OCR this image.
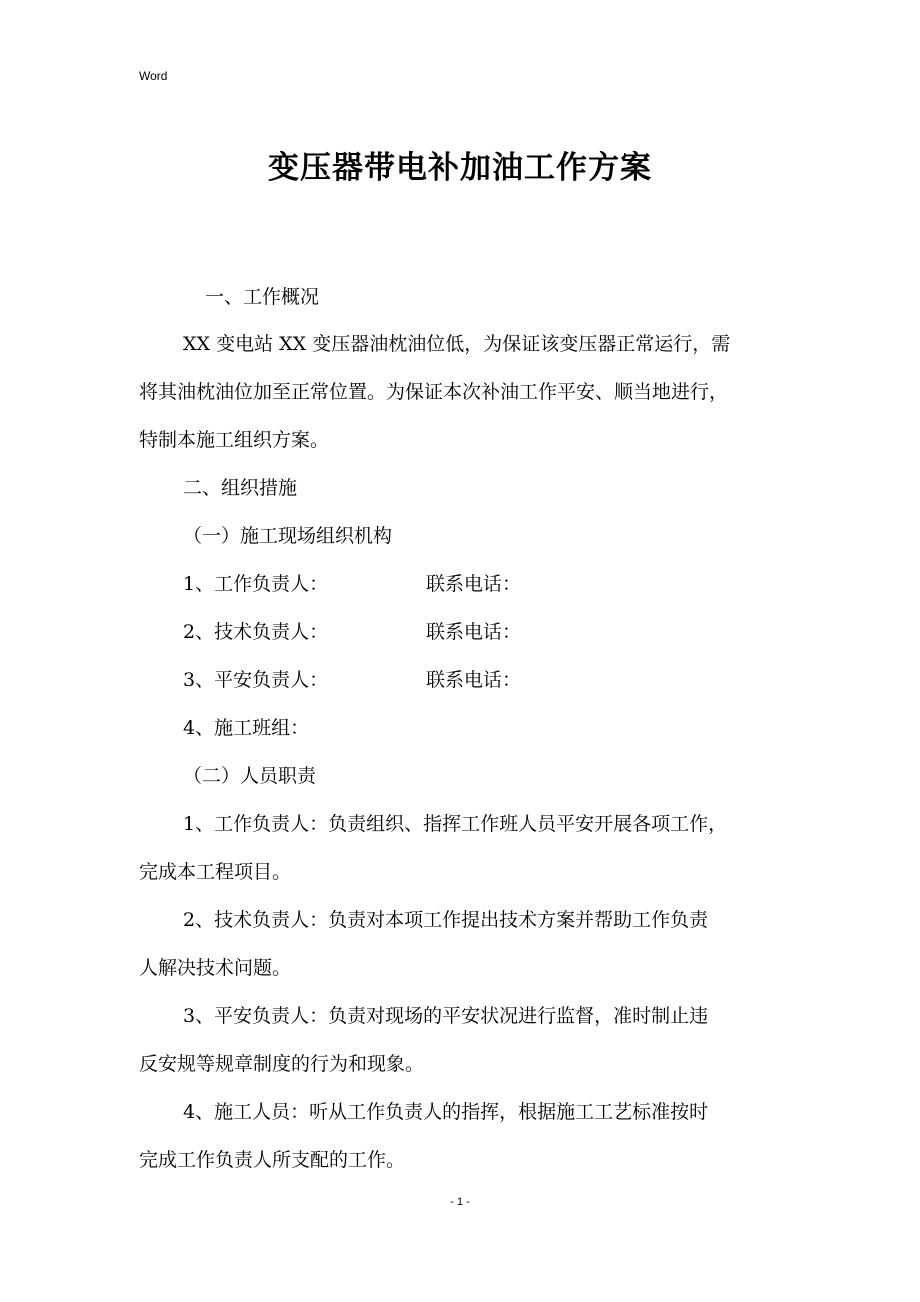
Word
变压器带电补加油工作方案
一、工作概况
XX 变电站 XX 变压器油枕油位低，为保证该变压器正常运行，需
将其油枕油位加至正常位置。为保证本次补油工作平安、顺当地进行，
特制本施工组织方案。
二、组织措施
（一）施工现场组织机构
1、工作负责人：	联系电话：
2、技术负责人：	联系电话：
3、平安负责人：	联系电话：
4、施工班组：
（二）人员职责
1、工作负责人：负责组织、指挥工作班人员平安开展各项工作，
完成本工程项目。
2、技术负责人：负责对本项工作提出技术方案并帮助工作负责
人解决技术问题。
3、平安负责人：负责对现场的平安状况进行监督，准时制止违
反安规等规章制度的行为和现象。
4、施工人员：听从工作负责人的指挥，根据施工工艺标准按时
完成工作负责人所支配的工作。
- 1 -
